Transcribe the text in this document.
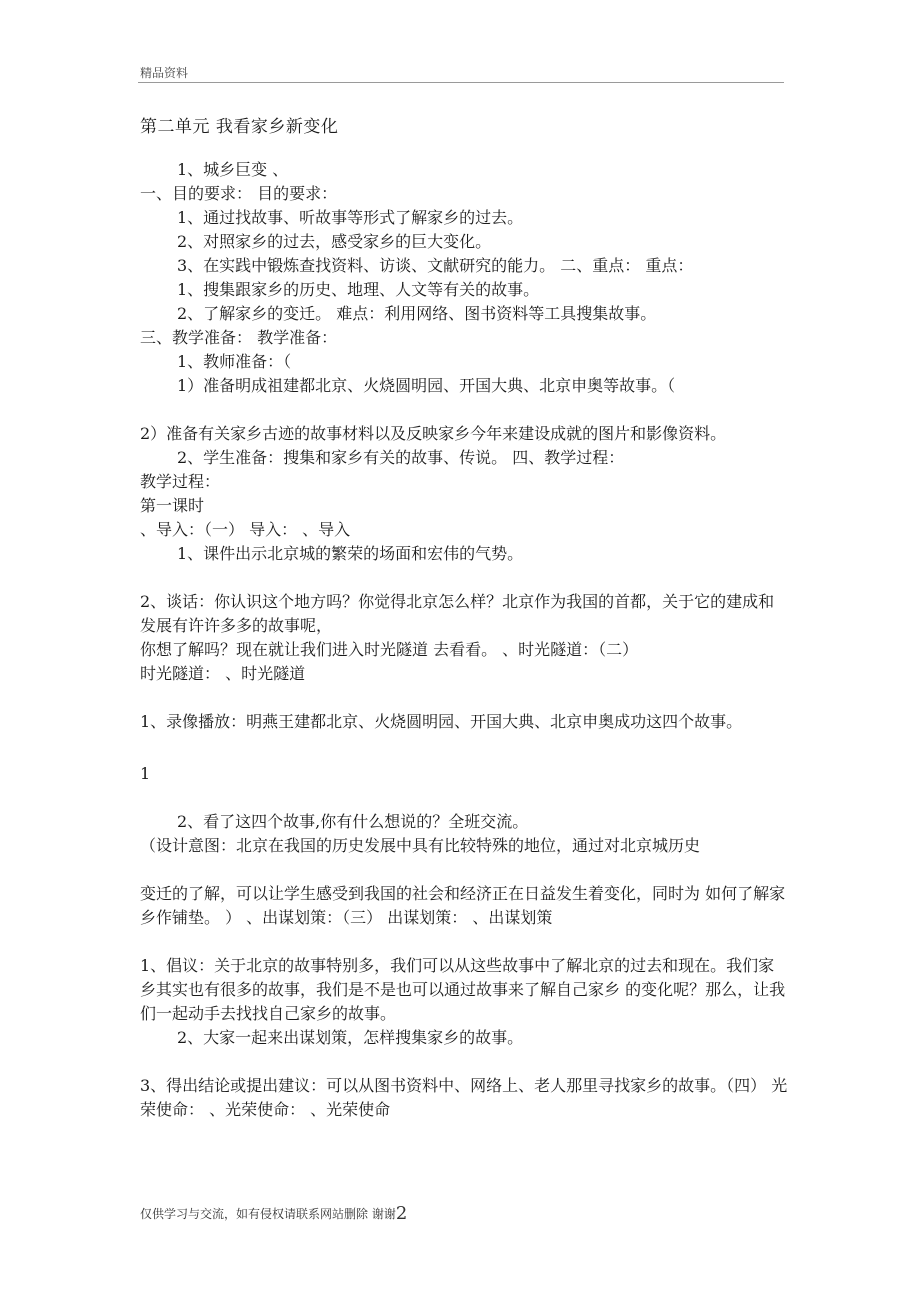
精品资料
第二单元 我看家乡新变化
1、城乡巨变 、
一、目的要求： 目的要求：
1、通过找故事、听故事等形式了解家乡的过去。
2、对照家乡的过去，感受家乡的巨大变化。
3、在实践中锻炼查找资料、访谈、文献研究的能力。 二、重点： 重点：
1、搜集跟家乡的历史、地理、人文等有关的故事。
2、了解家乡的变迁。 难点：利用网络、图书资料等工具搜集故事。
三、教学准备： 教学准备：
1、教师准备：（
1）准备明成祖建都北京、火烧圆明园、开国大典、北京申奥等故事。（
2）准备有关家乡古迹的故事材料以及反映家乡今年来建设成就的图片和影像资料。
2、学生准备：搜集和家乡有关的故事、传说。 四、教学过程：
教学过程：
第一课时
、导入：（一） 导入： 、导入
1、课件出示北京城的繁荣的场面和宏伟的气势。
2、谈话：你认识这个地方吗？你觉得北京怎么样？北京作为我国的首都，关于它的建成和发展有许许多多的故事呢，
你想了解吗？现在就让我们进入时光隧道 去看看。 、时光隧道：（二）
时光隧道： 、时光隧道
1、录像播放：明燕王建都北京、火烧圆明园、开国大典、北京申奥成功这四个故事。
1
2、看了这四个故事,你有什么想说的？全班交流。
（设计意图：北京在我国的历史发展中具有比较特殊的地位，通过对北京城历史
变迁的了解，可以让学生感受到我国的社会和经济正在日益发生着变化，同时为 如何了解家乡作铺垫。 ） 、出谋划策：（三） 出谋划策： 、出谋划策
1、倡议：关于北京的故事特别多，我们可以从这些故事中了解北京的过去和现在。我们家乡其实也有很多的故事，我们是不是也可以通过故事来了解自己家乡 的变化呢？那么，让我们一起动手去找找自己家乡的故事。
2、大家一起来出谋划策，怎样搜集家乡的故事。
3、得出结论或提出建议：可以从图书资料中、网络上、老人那里寻找家乡的故事。（四） 光荣使命： 、光荣使命： 、光荣使命
仅供学习与交流，如有侵权请联系网站删除 谢谢2
